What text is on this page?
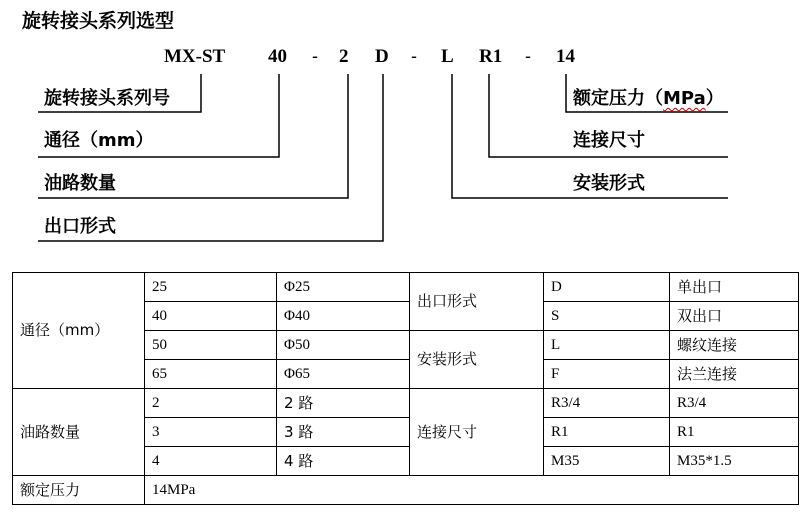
旋转接头系列选型
MX-ST 40 - 2 D - L R1 - 14
旋转接头系列号
通径（mm）
油路数量
出口形式
额定压力（MPa）
连接尺寸
安装形式
通径（mm）	25	Φ25	出口形式	D	单出口
	40	Φ40		S	双出口
	50	Φ50	安装形式	L	螺纹连接
	65	Φ65		F	法兰连接
油路数量	2	2 路	连接尺寸	R3/4	R3/4
	3	3 路		R1	R1
	4	4 路		M35	M35*1.5
额定压力	14MPa				
